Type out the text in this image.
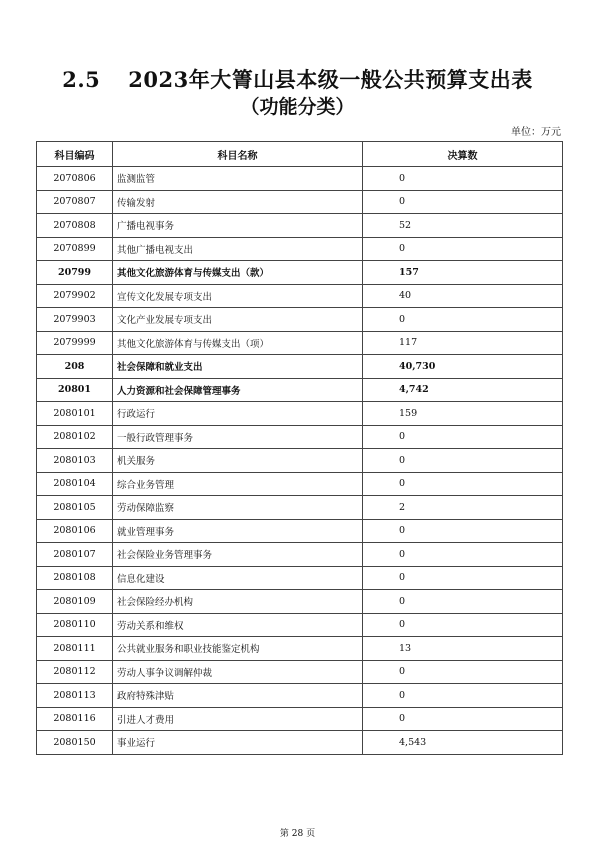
2.5 2023年大箐山县本级一般公共预算支出表
（功能分类）
单位：万元
科目编码	科目名称	决算数
2070806	监测监管	0
2070807	传输发射	0
2070808	广播电视事务	52
2070899	其他广播电视支出	0
20799	其他文化旅游体育与传媒支出（款）	157
2079902	宣传文化发展专项支出	40
2079903	文化产业发展专项支出	0
2079999	其他文化旅游体育与传媒支出（项）	117
208	社会保障和就业支出	40,730
20801	人力资源和社会保障管理事务	4,742
2080101	行政运行	159
2080102	一般行政管理事务	0
2080103	机关服务	0
2080104	综合业务管理	0
2080105	劳动保障监察	2
2080106	就业管理事务	0
2080107	社会保险业务管理事务	0
2080108	信息化建设	0
2080109	社会保险经办机构	0
2080110	劳动关系和维权	0
2080111	公共就业服务和职业技能鉴定机构	13
2080112	劳动人事争议调解仲裁	0
2080113	政府特殊津贴	0
2080116	引进人才费用	0
2080150	事业运行	4,543
第 28 页
